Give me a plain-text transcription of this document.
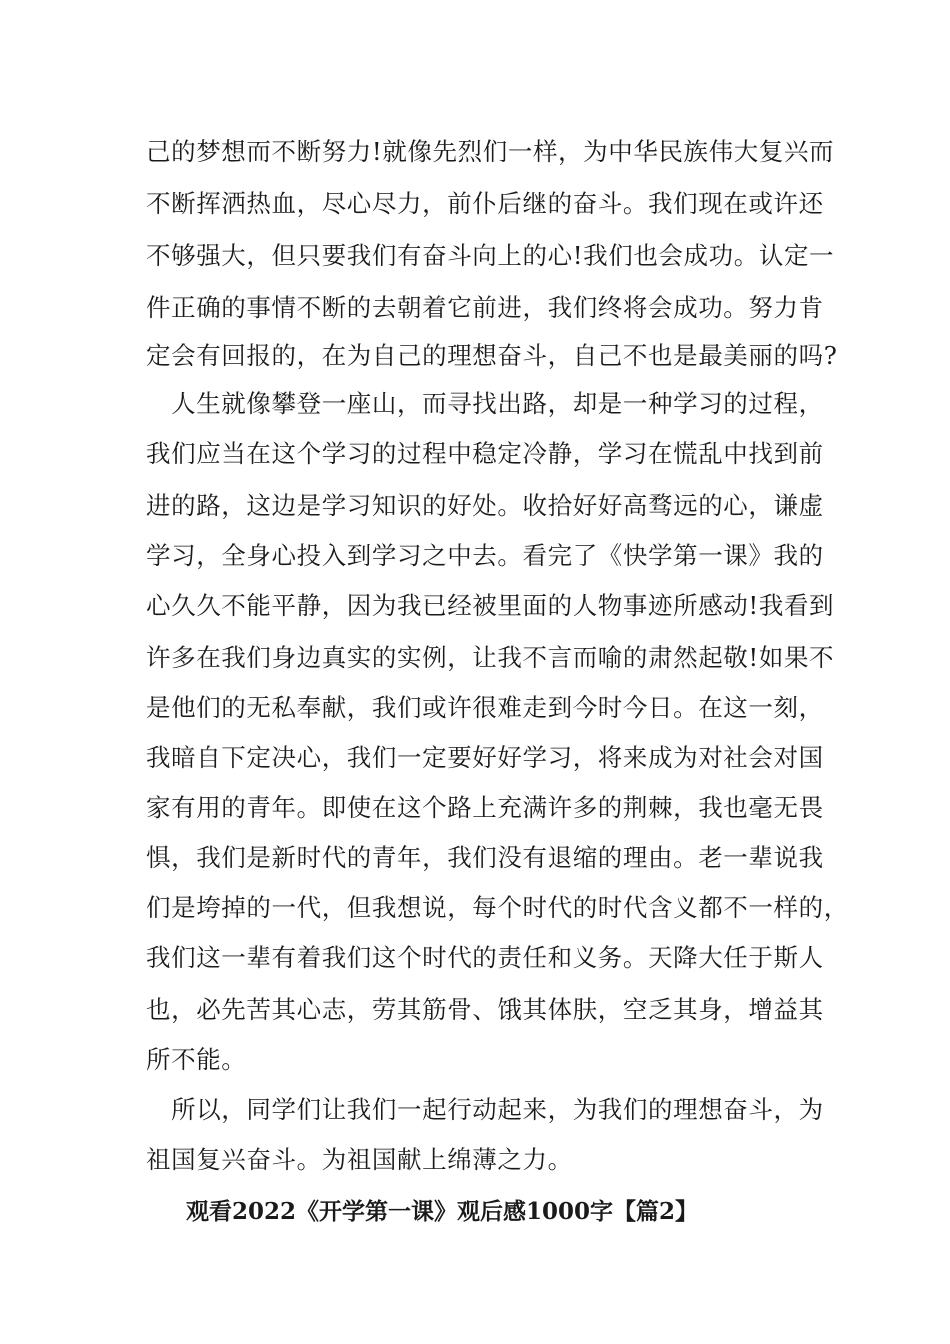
己的梦想而不断努力!就像先烈们一样，为中华民族伟大复兴而
不断挥洒热血，尽心尽力，前仆后继的奋斗。我们现在或许还
不够强大，但只要我们有奋斗向上的心!我们也会成功。认定一
件正确的事情不断的去朝着它前进，我们终将会成功。努力肯
定会有回报的，在为自己的理想奋斗，自己不也是最美丽的吗?
　人生就像攀登一座山，而寻找出路，却是一种学习的过程，
我们应当在这个学习的过程中稳定冷静，学习在慌乱中找到前
进的路，这边是学习知识的好处。收拾好好高骛远的心，谦虚
学习，全身心投入到学习之中去。看完了《快学第一课》我的
心久久不能平静，因为我已经被里面的人物事迹所感动!我看到
许多在我们身边真实的实例，让我不言而喻的肃然起敬!如果不
是他们的无私奉献，我们或许很难走到今时今日。在这一刻，
我暗自下定决心，我们一定要好好学习，将来成为对社会对国
家有用的青年。即使在这个路上充满许多的荆棘，我也毫无畏
惧，我们是新时代的青年，我们没有退缩的理由。老一辈说我
们是垮掉的一代，但我想说，每个时代的时代含义都不一样的，
我们这一辈有着我们这个时代的责任和义务。天降大任于斯人
也，必先苦其心志，劳其筋骨、饿其体肤，空乏其身，增益其
所不能。
　所以，同学们让我们一起行动起来，为我们的理想奋斗，为
祖国复兴奋斗。为祖国献上绵薄之力。
观看2022《开学第一课》观后感1000字【篇2】
